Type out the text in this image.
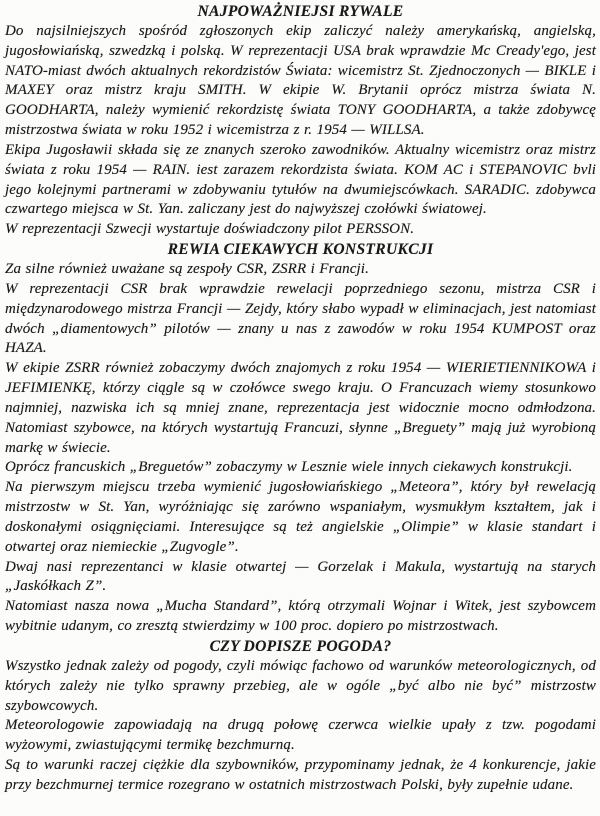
NAJPOWAŻNIEJSI RYWALE

Do najsilniejszych spośród zgłoszonych ekip zaliczyć należy amerykańską, angielską, jugosłowiańską, szwedzką i polską. W reprezentacji USA brak wprawdzie Mc Cready'ego, jest NATO-miast dwóch aktualnych rekordzistów Świata: wicemistrz St. Zjednoczonych — BIKLE i MAXEY oraz mistrz kraju SMITH. W ekipie W. Brytanii oprócz mistrza świata N. GOODHARTA, należy wymienić rekordzistę świata TONY GOODHARTA, a także zdobywcę mistrzostwa świata w roku 1952 i wicemistrza z r. 1954 — WILLSA.

Ekipa Jugosławii składa się ze znanych szeroko zawodników. Aktualny wicemistrz oraz mistrz świata z roku 1954 — RAIN. iest zarazem rekordzista świata. KOM AC i STEPANOVIC bvli jego kolejnymi partnerami w zdobywaniu tytułów na dwumiejscówkach. SARADIC. zdobywca czwartego miejsca w St. Yan. zaliczany jest do najwyższej czołówki światowej.

W reprezentacji Szwecji wystartuje doświadczony pilot PERSSON.

REWIA CIEKAWYCH KONSTRUKCJI

Za silne również uważane są zespoły CSR, ZSRR i Francji.

W reprezentacji CSR brak wprawdzie rewelacji poprzedniego sezonu, mistrza CSR i międzynarodowego mistrza Francji — Zejdy, który słabo wypadł w eliminacjach, jest natomiast dwóch „diamentowych” pilotów — znany u nas z zawodów w roku 1954 KUMPOST oraz HAZA.

W ekipie ZSRR również zobaczymy dwóch znajomych z roku 1954 — WIERIETIENNIKOWA i JEFIMIENKĘ, którzy ciągle są w czołówce swego kraju. O Francuzach wiemy stosunkowo najmniej, nazwiska ich są mniej znane, reprezentacja jest widocznie mocno odmłodzona. Natomiast szybowce, na których wystartują Francuzi, słynne „Breguety” mają już wyrobioną markę w świecie.

Oprócz francuskich „Breguetów” zobaczymy w Lesznie wiele innych ciekawych konstrukcji.

Na pierwszym miejscu trzeba wymienić jugosłowiańskiego „Meteora”, który był rewelacją mistrzostw w St. Yan, wyróżniając się zarówno wspaniałym, wysmukłym kształtem, jak i doskonałymi osiągnięciami. Interesujące są też angielskie „Olimpie” w klasie standart i otwartej oraz niemieckie „Zugvogle”.

Dwaj nasi reprezentanci w klasie otwartej — Gorzelak i Makula, wystartują na starych „Jaskółkach Z”.

Natomiast nasza nowa „Mucha Standard”, którą otrzymali Wojnar i Witek, jest szybowcem wybitnie udanym, co zresztą stwierdzimy w 100 proc. dopiero po mistrzostwach.

CZY DOPISZE POGODA?

Wszystko jednak zależy od pogody, czyli mówiąc fachowo od warunków meteorologicznych, od których zależy nie tylko sprawny przebieg, ale w ogóle „być albo nie być” mistrzostw szybowcowych.

Meteorologowie zapowiadają na drugą połowę czerwca wielkie upały z tzw. pogodami wyżowymi, zwiastującymi termikę bezchmurną.

Są to warunki raczej ciężkie dla szybowników, przypominamy jednak, że 4 konkurencje, jakie przy bezchmurnej termice rozegrano w ostatnich mistrzostwach Polski, były zupełnie udane.
